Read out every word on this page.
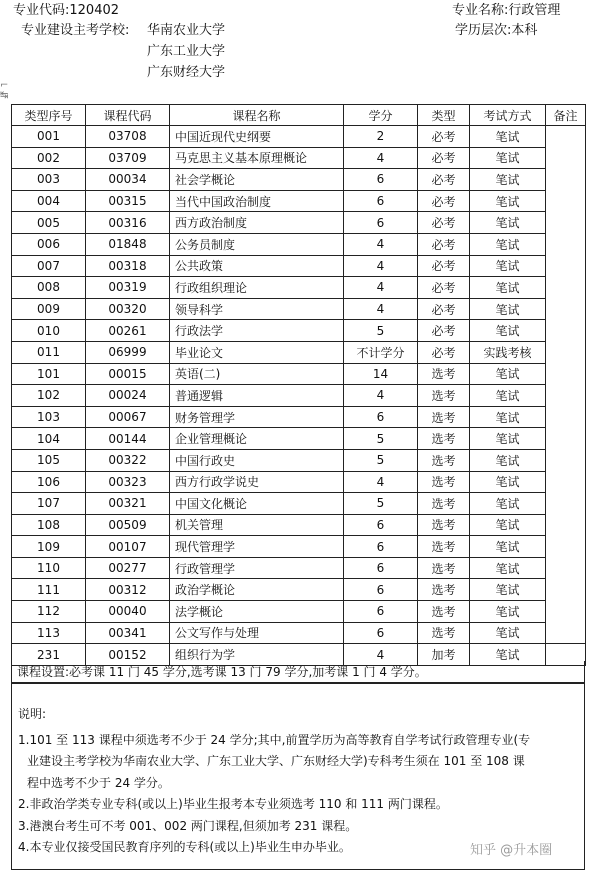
专业代码:120402
专业建设主考学校: 华南农业大学
广东工业大学
广东财经大学
专业名称:行政管理
学历层次:本科
⌐
↹
类型序号	课程代码	课程名称	学分	类型	考试方式	备注
001	03708	中国近现代史纲要	2	必考	笔试	
002	03709	马克思主义基本原理概论	4	必考	笔试	
003	00034	社会学概论	6	必考	笔试	
004	00315	当代中国政治制度	6	必考	笔试	
005	00316	西方政治制度	6	必考	笔试	
006	01848	公务员制度	4	必考	笔试	
007	00318	公共政策	4	必考	笔试	
008	00319	行政组织理论	4	必考	笔试	
009	00320	领导科学	4	必考	笔试	
010	00261	行政法学	5	必考	笔试	
011	06999	毕业论文	不计学分	必考	实践考核	
101	00015	英语(二)	14	选考	笔试	
102	00024	普通逻辑	4	选考	笔试	
103	00067	财务管理学	6	选考	笔试	
104	00144	企业管理概论	5	选考	笔试	
105	00322	中国行政史	5	选考	笔试	
106	00323	西方行政学说史	4	选考	笔试	
107	00321	中国文化概论	5	选考	笔试	
108	00509	机关管理	6	选考	笔试	
109	00107	现代管理学	6	选考	笔试	
110	00277	行政管理学	6	选考	笔试	
111	00312	政治学概论	6	选考	笔试	
112	00040	法学概论	6	选考	笔试	
113	00341	公文写作与处理	6	选考	笔试	
231	00152	组织行为学	4	加考	笔试	
课程设置:必考课 11 门 45 学分,选考课 13 门 79 学分,加考课 1 门 4 学分。

说明:

1.101 至 113 课程中须选考不少于 24 学分;其中,前置学历为高等教育自学考试行政管理专业(专

业建设主考学校为华南农业大学、广东工业大学、广东财经大学)专科考生须在 101 至 108 课

程中选考不少于 24 学分。

2.非政治学类专业专科(或以上)毕业生报考本专业须选考 110 和 111 两门课程。

3.港澳台考生可不考 001、002 两门课程,但须加考 231 课程。

4.本专业仅接受国民教育序列的专科(或以上)毕业生申办毕业。	知乎 @升本圈
